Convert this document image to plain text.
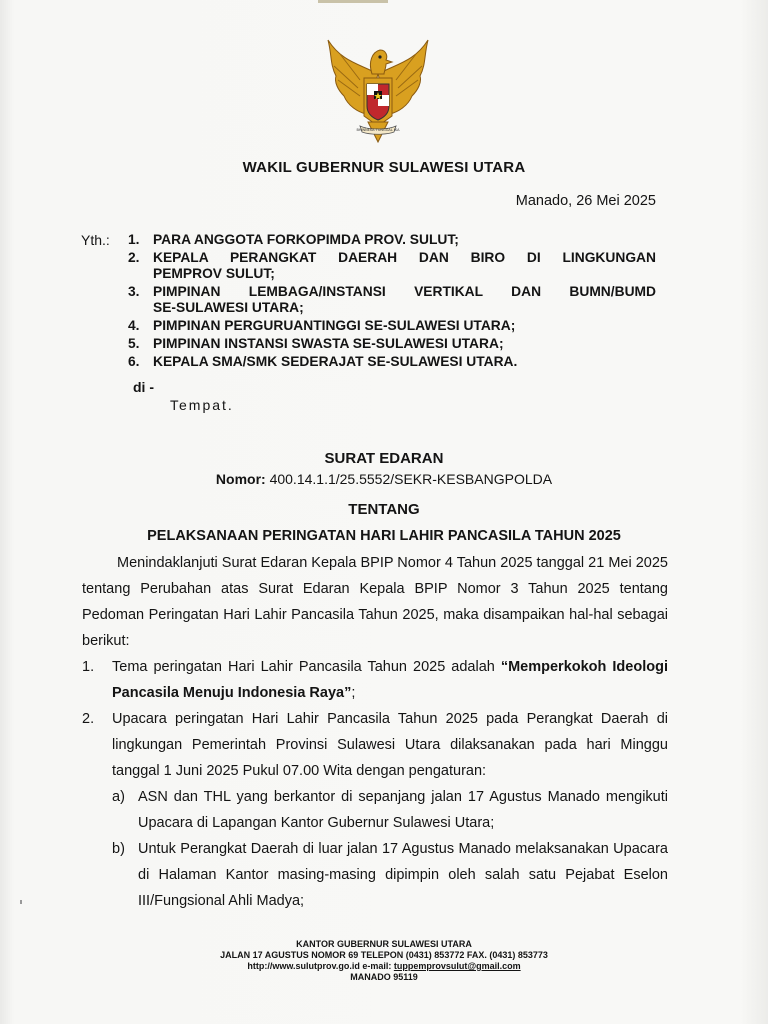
BHINNEKA TUNGGAL IKA
WAKIL GUBERNUR SULAWESI UTARA
Manado, 26 Mei 2025
Yth.: 1. PARA ANGGOTA FORKOPIMDA PROV. SULUT;
2. KEPALA PERANGKAT DAERAH DAN BIRO DI LINGKUNGAN
PEMPROV SULUT;
3. PIMPINAN LEMBAGA/INSTANSI VERTIKAL DAN BUMN/BUMD
SE-SULAWESI UTARA;
4. PIMPINAN PERGURUANTINGGI SE-SULAWESI UTARA;
5. PIMPINAN INSTANSI SWASTA SE-SULAWESI UTARA;
6. KEPALA SMA/SMK SEDERAJAT SE-SULAWESI UTARA.
di -
Tempat.
SURAT EDARAN
Nomor: 400.14.1.1/25.5552/SEKR-KESBANGPOLDA
TENTANG
PELAKSANAAN PERINGATAN HARI LAHIR PANCASILA TAHUN 2025
Menindaklanjuti Surat Edaran Kepala BPIP Nomor 4 Tahun 2025 tanggal 21 Mei 2025 tentang Perubahan atas Surat Edaran Kepala BPIP Nomor 3 Tahun 2025 tentang Pedoman Peringatan Hari Lahir Pancasila Tahun 2025, maka disampaikan hal-hal sebagai berikut:
1. Tema peringatan Hari Lahir Pancasila Tahun 2025 adalah “Memperkokoh Ideologi Pancasila Menuju Indonesia Raya”;
2. Upacara peringatan Hari Lahir Pancasila Tahun 2025 pada Perangkat Daerah di lingkungan Pemerintah Provinsi Sulawesi Utara dilaksanakan pada hari Minggu tanggal 1 Juni 2025 Pukul 07.00 Wita dengan pengaturan:
a) ASN dan THL yang berkantor di sepanjang jalan 17 Agustus Manado mengikuti Upacara di Lapangan Kantor Gubernur Sulawesi Utara;
b) Untuk Perangkat Daerah di luar jalan 17 Agustus Manado melaksanakan Upacara di Halaman Kantor masing-masing dipimpin oleh salah satu Pejabat Eselon III/Fungsional Ahli Madya;
KANTOR GUBERNUR SULAWESI UTARA
JALAN 17 AGUSTUS NOMOR 69 TELEPON (0431) 853772 FAX. (0431) 853773
http://www.sulutprov.go.id e-mail: tuppemprovsulut@gmail.com
MANADO 95119
